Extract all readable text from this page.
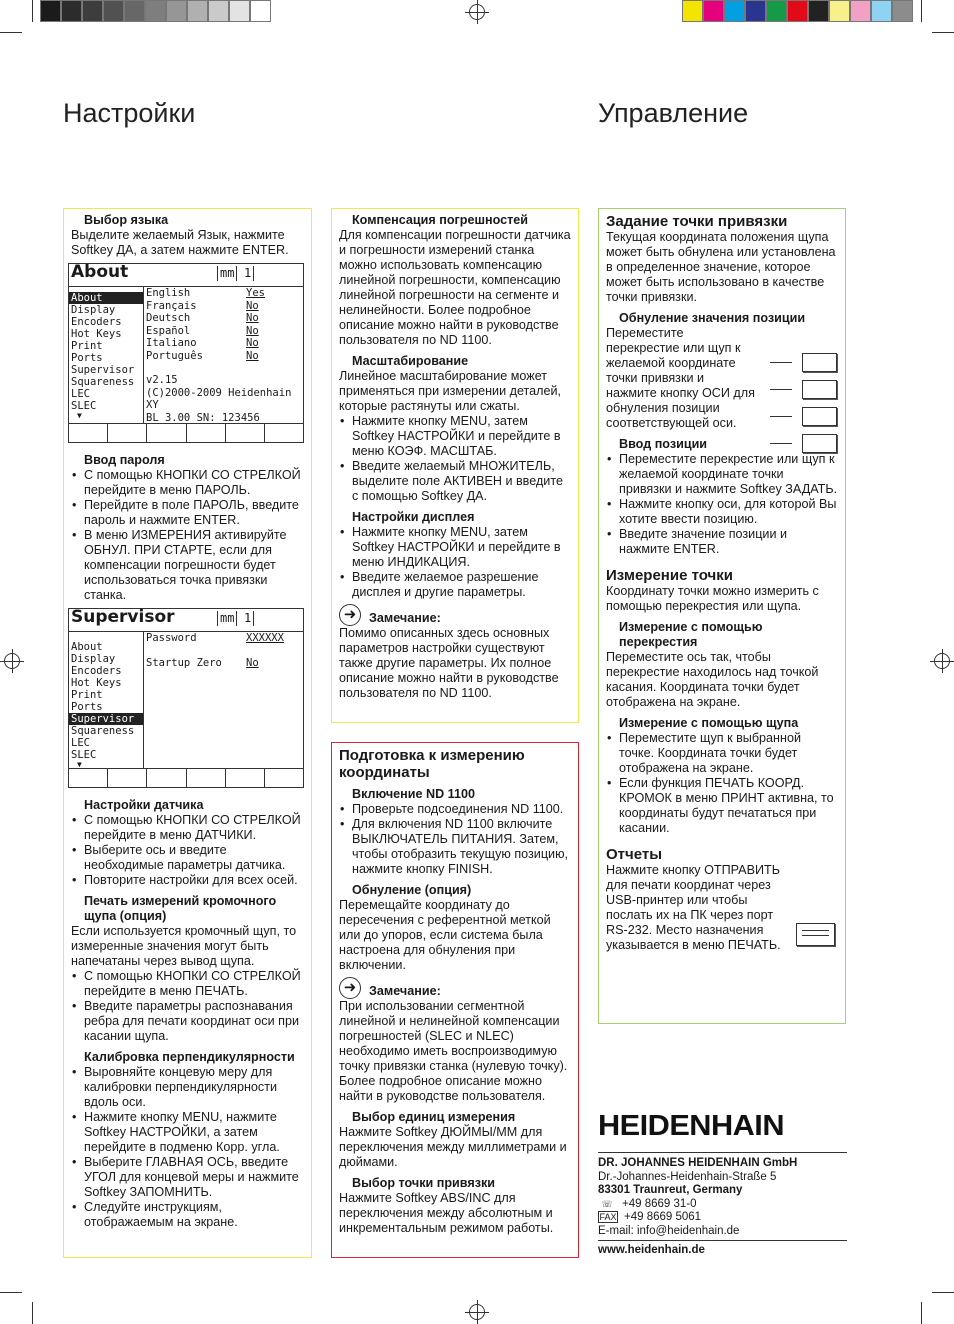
Настройки	Управление
Выбор языка
Выделите желаемый Язык, нажмите Softkey ДА, а затем нажмите ENTER.
About	mm 1
About
Display
Encoders
Hot Keys
Print
Ports
Supervisor
Squareness
LEC
SLEC
▼
English	Yes
Français	No
Deutsch	No
Español	No
Italiano	No
Português	No
v2.15
(C)2000-2009 Heidenhain
XY
BL 3.00 SN: 123456
Ввод пароля
• С помощью КНОПКИ СО СТРЕЛКОЙ перейдите в меню ПАРОЛЬ.
• Перейдите в поле ПАРОЛЬ, введите пароль и нажмите ENTER.
• В меню ИЗМЕРЕНИЯ активируйте ОБНУЛ. ПРИ СТАРТЕ, если для компенсации погрешности будет использоваться точка привязки станка.
Supervisor	mm 1
About
Display
Encoders
Hot Keys
Print
Ports
Supervisor
Squareness
LEC
SLEC
▼
Password	XXXXXX
Startup Zero	No
Настройки датчика
• С помощью КНОПКИ СО СТРЕЛКОЙ перейдите в меню ДАТЧИКИ.
• Выберите ось и введите необходимые параметры датчика.
• Повторите настройки для всех осей.
Печать измерений кромочного щупа (опция)
Если используется кромочный щуп, то измеренные значения могут быть напечатаны через вывод щупа.
• С помощью КНОПКИ СО СТРЕЛКОЙ перейдите в меню ПЕЧАТЬ.
• Введите параметры распознавания ребра для печати координат оси при касании щупа.
Калибровка перпендикулярности
• Выровняйте концевую меру для калибровки перпендикулярности вдоль оси.
• Нажмите кнопку MENU, нажмите Softkey НАСТРОЙКИ, а затем перейдите в подменю Корр. угла.
• Выберите ГЛАВНАЯ ОСЬ, введите УГОЛ для концевой меры и нажмите Softkey ЗАПОМНИТЬ.
• Следуйте инструкциям, отображаемым на экране.
Компенсация погрешностей
Для компенсации погрешности датчика и погрешности измерений станка можно использовать компенсацию линейной погрешности, компенсацию линейной погрешности на сегменте и нелинейности. Более подробное описание можно найти в руководстве пользователя по ND 1100.
Масштабирование
Линейное масштабирование может применяться при измерении деталей, которые растянуты или сжаты.
• Нажмите кнопку MENU, затем Softkey НАСТРОЙКИ и перейдите в меню КОЭФ. МАСШТАБ.
• Введите желаемый МНОЖИТЕЛЬ, выделите поле АКТИВЕН и введите с помощью Softkey ДА.
Настройки дисплея
• Нажмите кнопку MENU, затем Softkey НАСТРОЙКИ и перейдите в меню ИНДИКАЦИЯ.
• Введите желаемое разрешение дисплея и другие параметры.
➜	Замечание:
Помимо описанных здесь основных параметров настройки существуют также другие параметры. Их полное описание можно найти в руководстве пользователя по ND 1100.
Подготовка к измерению координаты
Включение ND 1100
• Проверьте подсоединения ND 1100.
• Для включения ND 1100 включите ВЫКЛЮЧАТЕЛЬ ПИТАНИЯ. Затем, чтобы отобразить текущую позицию, нажмите кнопку FINISH.
Обнуление (опция)
Перемещайте координату до пересечения с референтной меткой или до упоров, если система была настроена для обнуления при включении.
➜	Замечание:
При использовании сегментной линейной и нелинейной компенсации погрешностей (SLEC и NLEC) необходимо иметь воспроизводимую точку привязки станка (нулевую точку). Более подробное описание можно найти в руководстве пользователя.
Выбор единиц измерения
Нажмите Softkey ДЮЙМЫ/ММ для переключения между миллиметрами и дюймами.
Выбор точки привязки
Нажмите Softkey ABS/INC для переключения между абсолютным и инкрементальным режимом работы.
Задание точки привязки
Текущая координата положения щупа может быть обнулена или установлена в определенное значение, которое может быть использовано в качестве точки привязки.
Обнуление значения позиции
Переместите перекрестие или щуп к желаемой координате точки привязки и нажмите кнопку ОСИ для обнуления позиции соответствующей оси.
Ввод позиции
• Переместите перекрестие или щуп к желаемой координате точки привязки и нажмите Softkey ЗАДАТЬ.
• Нажмите кнопку оси, для которой Вы хотите ввести позицию.
• Введите значение позиции и нажмите ENTER.
Измерение точки
Координату точки можно измерить с помощью перекрестия или щупа.
Измерение с помощью перекрестия
Переместите ось так, чтобы перекрестие находилось над точкой касания. Координата точки будет отображена на экране.
Измерение с помощью щупа
• Переместите щуп к выбранной точке. Координата точки будет отображена на экране.
• Если функция ПЕЧАТЬ КООРД. КРОМОК в меню ПРИНТ активна, то координаты будут печататься при касании.
Отчеты
Нажмите кнопку ОТПРАВИТЬ для печати координат через USB-принтер или чтобы послать их на ПК через порт RS-232. Место назначения указывается в меню ПЕЧАТЬ.
HEIDENHAIN
DR. JOHANNES HEIDENHAIN GmbH
Dr.-Johannes-Heidenhain-Straße 5
83301 Traunreut, Germany
☏ +49 8669 31-0
FAX +49 8669 5061
E-mail: info@heidenhain.de
www.heidenhain.de
